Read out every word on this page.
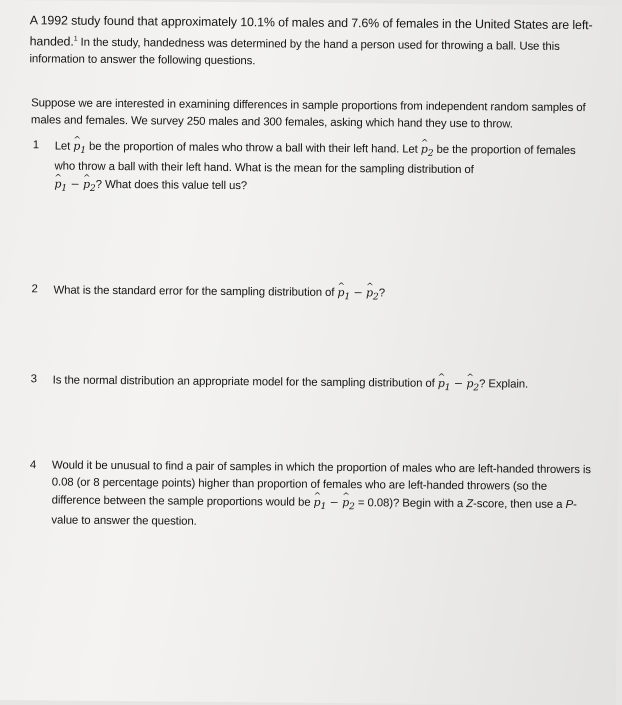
​
A 1992 study found that approximately 10.1% of males and 7.6% of females in the United States are left-handed.$^1$ In the study, handedness was determined by the hand a person used for throwing a ball. Use this information to answer the following questions.
Suppose we are interested in examining differences in sample proportions from independent random samples of males and females. We survey 250 males and 300 females, asking which hand they use to throw.
1	Let ^ $p_1$ be the proportion of males who throw a ball with their left hand. Let ^ $p_2$ be the proportion of females who throw a ball with their left hand. What is the mean for the sampling distribution of
^ $p_1$ − ^ $p_2$? What does this value tell us?
2	What is the standard error for the sampling distribution of ^ $p_1$ − ^ $p_2$?
3	Is the normal distribution an appropriate model for the sampling distribution of ^ $p_1$ − ^ $p_2$? Explain.
4	Would it be unusual to find a pair of samples in which the proportion of males who are left-handed throwers is 0.08 (or 8 percentage points) higher than proportion of females who are left-handed throwers (so the difference between the sample proportions would be ^ $p_1$ − ^ $p_2 = 0.08$)? Begin with a Z-score, then use a P-value to answer the question.
